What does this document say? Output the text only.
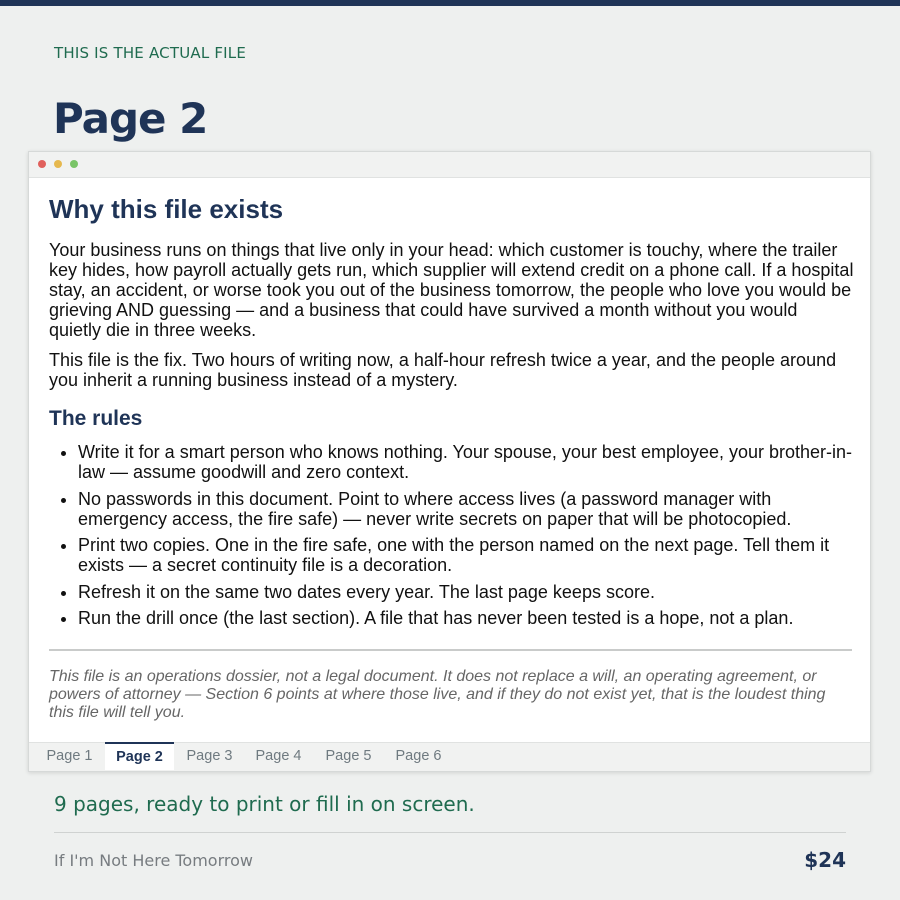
THIS IS THE ACTUAL FILE
Page 2
Why this file exists

Your business runs on things that live only in your head: which customer is touchy, where the trailer key hides, how payroll actually gets run, which supplier will extend credit on a phone call. If a hospital stay, an accident, or worse took you out of the business tomorrow, the people who love you would be grieving AND guessing — and a business that could have survived a month without you would quietly die in three weeks.

This file is the fix. Two hours of writing now, a half-hour refresh twice a year, and the people around you inherit a running business instead of a mystery.

The rules
• Write it for a smart person who knows nothing. Your spouse, your best employee, your brother-in-law — assume goodwill and zero context.
• No passwords in this document. Point to where access lives (a password manager with emergency access, the fire safe) — never write secrets on paper that will be photocopied.
• Print two copies. One in the fire safe, one with the person named on the next page. Tell them it exists — a secret continuity file is a decoration.
• Refresh it on the same two dates every year. The last page keeps score.
• Run the drill once (the last section). A file that has never been tested is a hope, not a plan.
This file is an operations dossier, not a legal document. It does not replace a will, an operating agreement, or powers of attorney — Section 6 points at where those live, and if they do not exist yet, that is the loudest thing this file will tell you.
Page 1	Page 2	Page 3	Page 4	Page 5	Page 6
9 pages, ready to print or fill in on screen.
If I'm Not Here Tomorrow	$24
